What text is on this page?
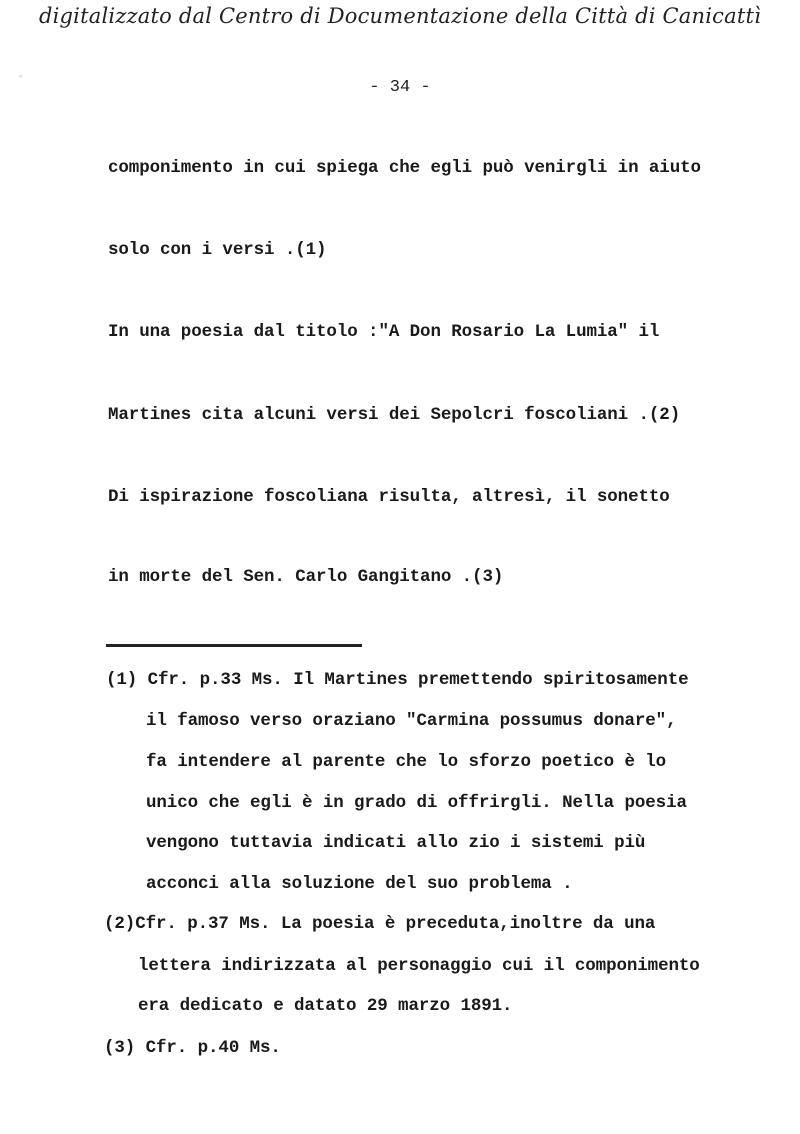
digitalizzato dal Centro di Documentazione della Città di Canicattì
°	- 34 -
componimento in cui spiega che egli può venirgli in aiuto
solo con i versi .(1)
In una poesia dal titolo :"A Don Rosario La Lumia" il
Martines cita alcuni versi dei Sepolcri foscoliani .(2)
Di ispirazione foscoliana risulta, altresì, il sonetto
in morte del Sen. Carlo Gangitano .(3)
(1) Cfr. p.33 Ms. Il Martines premettendo spiritosamente
il famoso verso oraziano "Carmina possumus donare",
fa intendere al parente che lo sforzo poetico è lo
unico che egli è in grado di offrirgli. Nella poesia
vengono tuttavia indicati allo zio i sistemi più
acconci alla soluzione del suo problema .
(2)Cfr. p.37 Ms. La poesia è preceduta,inoltre da una
lettera indirizzata al personaggio cui il componimento
era dedicato e datato 29 marzo 1891.
(3) Cfr. p.40 Ms.
